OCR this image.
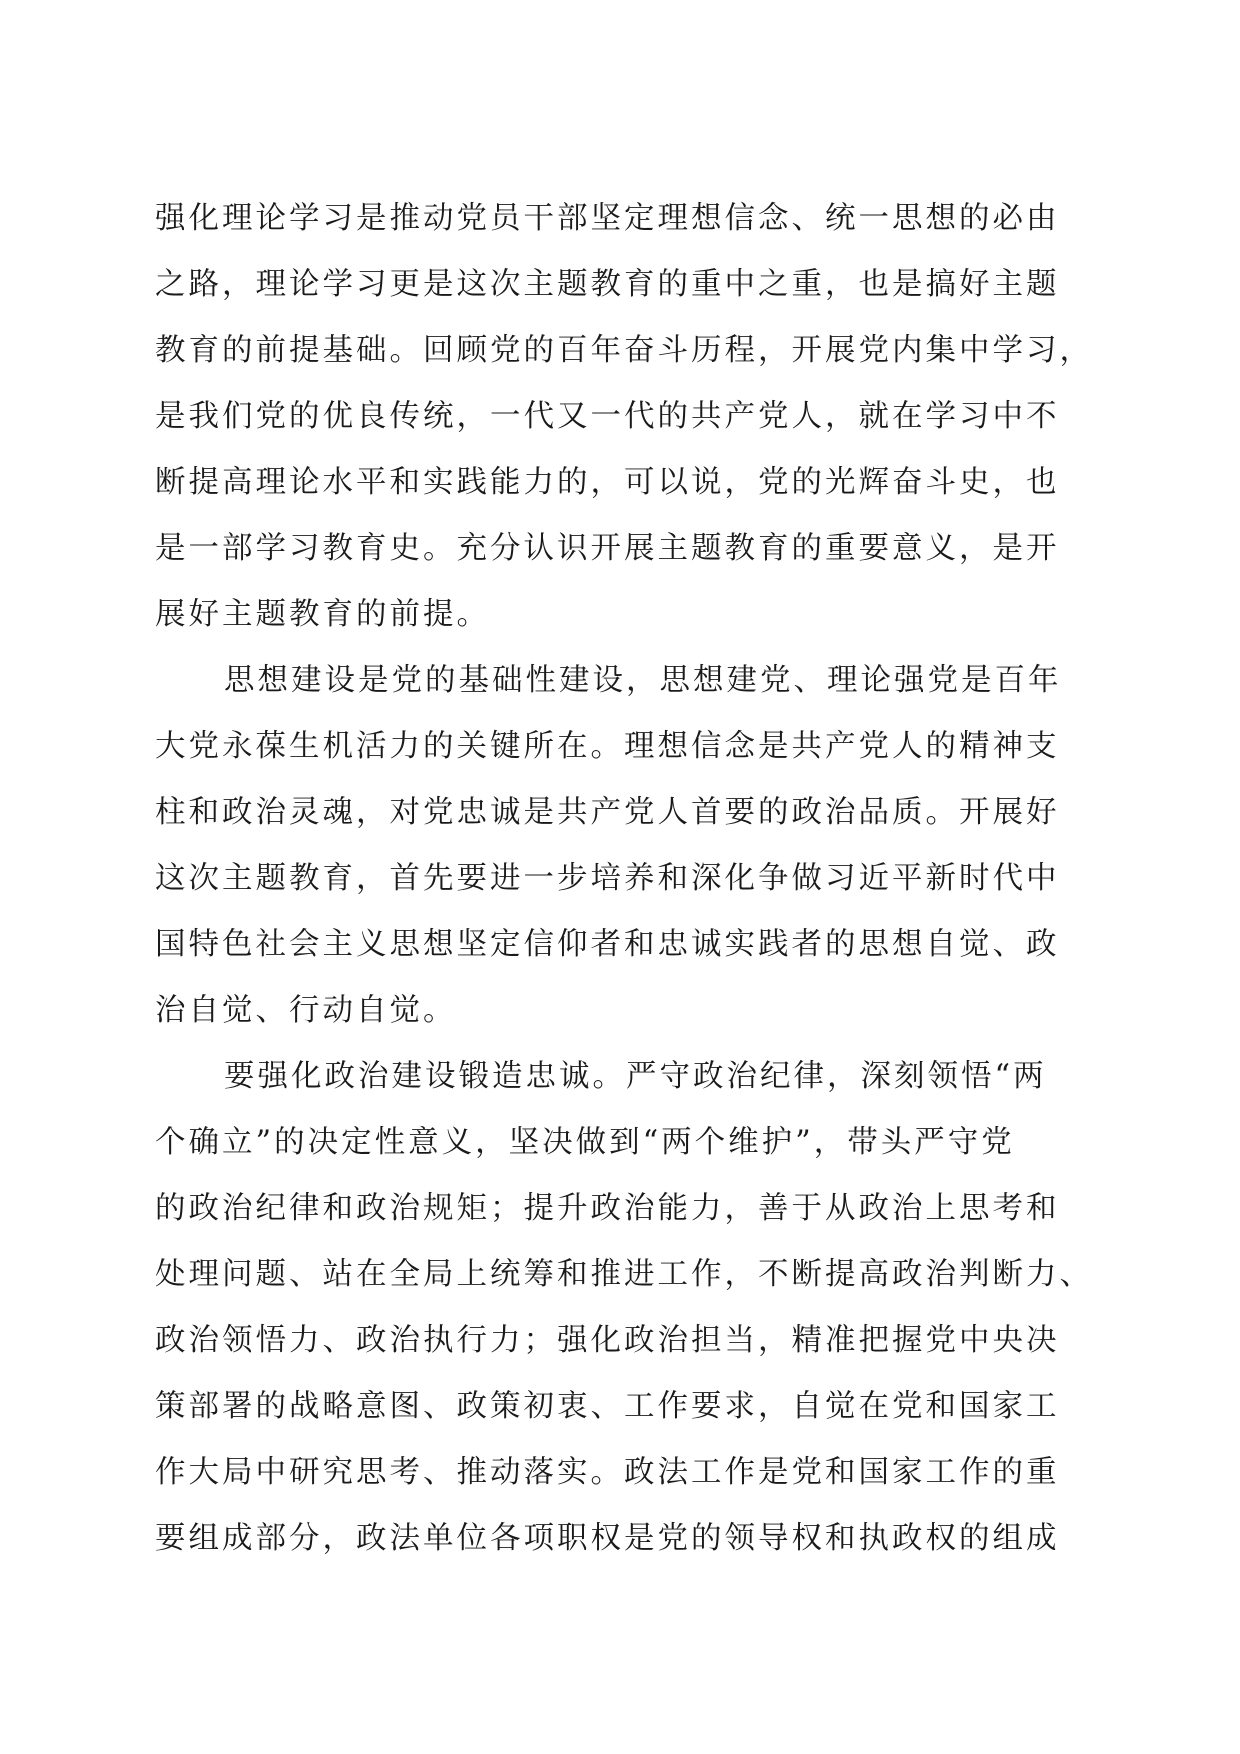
强化理论学习是推动党员干部坚定理想信念、统一思想的必由
之路，理论学习更是这次主题教育的重中之重，也是搞好主题
教育的前提基础。回顾党的百年奋斗历程，开展党内集中学习，
是我们党的优良传统，一代又一代的共产党人，就在学习中不
断提高理论水平和实践能力的，可以说，党的光辉奋斗史，也
是一部学习教育史。充分认识开展主题教育的重要意义，是开
展好主题教育的前提。
思想建设是党的基础性建设，思想建党、理论强党是百年
大党永葆生机活力的关键所在。理想信念是共产党人的精神支
柱和政治灵魂，对党忠诚是共产党人首要的政治品质。开展好
这次主题教育，首先要进一步培养和深化争做习近平新时代中
国特色社会主义思想坚定信仰者和忠诚实践者的思想自觉、政
治自觉、行动自觉。
要强化政治建设锻造忠诚。严守政治纪律，深刻领悟“两
个确立”的决定性意义，坚决做到“两个维护”，带头严守党
的政治纪律和政治规矩；提升政治能力，善于从政治上思考和
处理问题、站在全局上统筹和推进工作，不断提高政治判断力、
政治领悟力、政治执行力；强化政治担当，精准把握党中央决
策部署的战略意图、政策初衷、工作要求，自觉在党和国家工
作大局中研究思考、推动落实。政法工作是党和国家工作的重
要组成部分，政法单位各项职权是党的领导权和执政权的组成
